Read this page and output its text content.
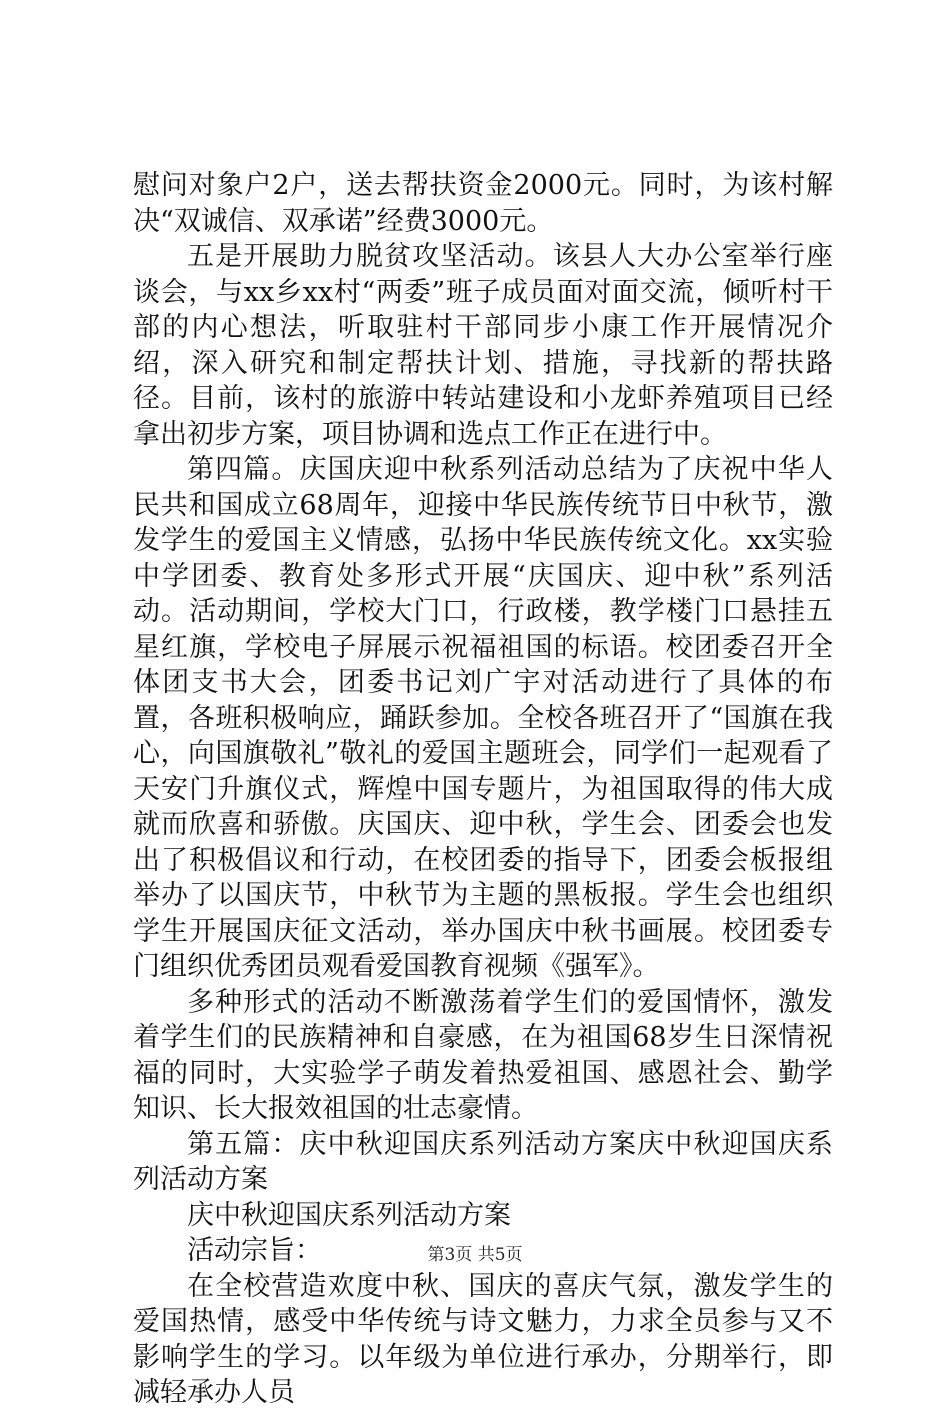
慰问对象户2户，送去帮扶资金2000元。同时，为该村解决“双诚信、双承诺”经费3000元。

五是开展助力脱贫攻坚活动。该县人大办公室举行座谈会，与xx乡xx村“两委”班子成员面对面交流，倾听村干部的内心想法，听取驻村干部同步小康工作开展情况介绍，深入研究和制定帮扶计划、措施，寻找新的帮扶路径。目前，该村的旅游中转站建设和小龙虾养殖项目已经拿出初步方案，项目协调和选点工作正在进行中。

第四篇。庆国庆迎中秋系列活动总结为了庆祝中华人民共和国成立68周年，迎接中华民族传统节日中秋节，激发学生的爱国主义情感，弘扬中华民族传统文化。xx实验中学团委、教育处多形式开展“庆国庆、迎中秋”系列活动。活动期间，学校大门口，行政楼，教学楼门口悬挂五星红旗，学校电子屏展示祝福祖国的标语。校团委召开全体团支书大会，团委书记刘广宇对活动进行了具体的布置，各班积极响应，踊跃参加。全校各班召开了“国旗在我心，向国旗敬礼”敬礼的爱国主题班会，同学们一起观看了天安门升旗仪式，辉煌中国专题片，为祖国取得的伟大成就而欣喜和骄傲。庆国庆、迎中秋，学生会、团委会也发出了积极倡议和行动，在校团委的指导下，团委会板报组举办了以国庆节，中秋节为主题的黑板报。学生会也组织学生开展国庆征文活动，举办国庆中秋书画展。校团委专门组织优秀团员观看爱国教育视频《强军》。

多种形式的活动不断激荡着学生们的爱国情怀，激发着学生们的民族精神和自豪感，在为祖国68岁生日深情祝福的同时，大实验学子萌发着热爱祖国、感恩社会、勤学知识、长大报效祖国的壮志豪情。

第五篇：庆中秋迎国庆系列活动方案庆中秋迎国庆系列活动方案

庆中秋迎国庆系列活动方案

活动宗旨：

在全校营造欢度中秋、国庆的喜庆气氛，激发学生的爱国热情，感受中华传统与诗文魅力，力求全员参与又不影响学生的学习。以年级为单位进行承办，分期举行，即减轻承办人员

第3页 共5页
